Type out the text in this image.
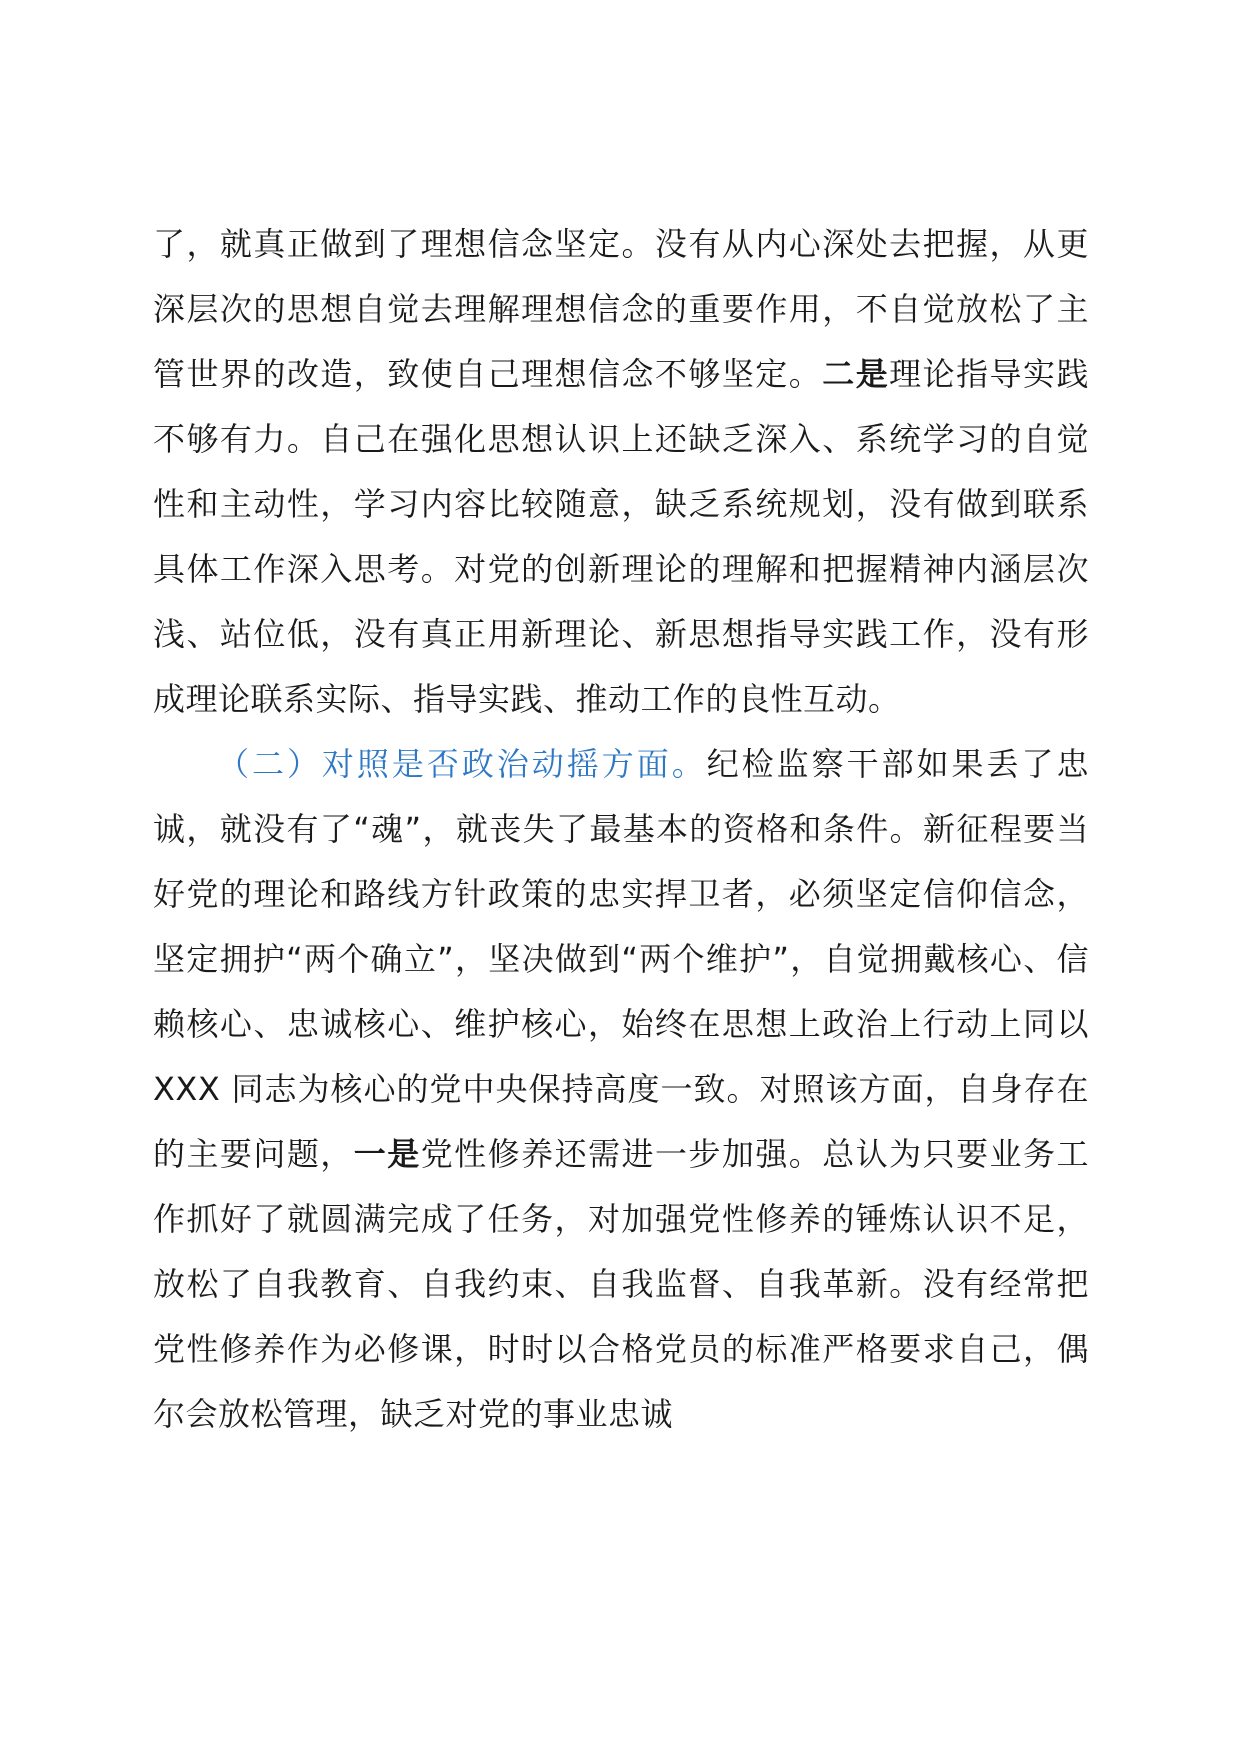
了，就真正做到了理想信念坚定。没有从内心深处去把握，从更深层次的思想自觉去理解理想信念的重要作用，不自觉放松了主管世界的改造，致使自己理想信念不够坚定。二是理论指导实践不够有力。自己在强化思想认识上还缺乏深入、系统学习的自觉性和主动性，学习内容比较随意，缺乏系统规划，没有做到联系具体工作深入思考。对党的创新理论的理解和把握精神内涵层次浅、站位低，没有真正用新理论、新思想指导实践工作，没有形成理论联系实际、指导实践、推动工作的良性互动。

（二）对照是否政治动摇方面。纪检监察干部如果丢了忠诚，就没有了“魂”，就丧失了最基本的资格和条件。新征程要当好党的理论和路线方针政策的忠实捍卫者，必须坚定信仰信念，坚定拥护“两个确立”，坚决做到“两个维护”，自觉拥戴核心、信赖核心、忠诚核心、维护核心，始终在思想上政治上行动上同以 XXX 同志为核心的党中央保持高度一致。对照该方面，自身存在的主要问题，一是党性修养还需进一步加强。总认为只要业务工作抓好了就圆满完成了任务，对加强党性修养的锤炼认识不足，放松了自我教育、自我约束、自我监督、自我革新。没有经常把党性修养作为必修课，时时以合格党员的标准严格要求自己，偶尔会放松管理，缺乏对党的事业忠诚
